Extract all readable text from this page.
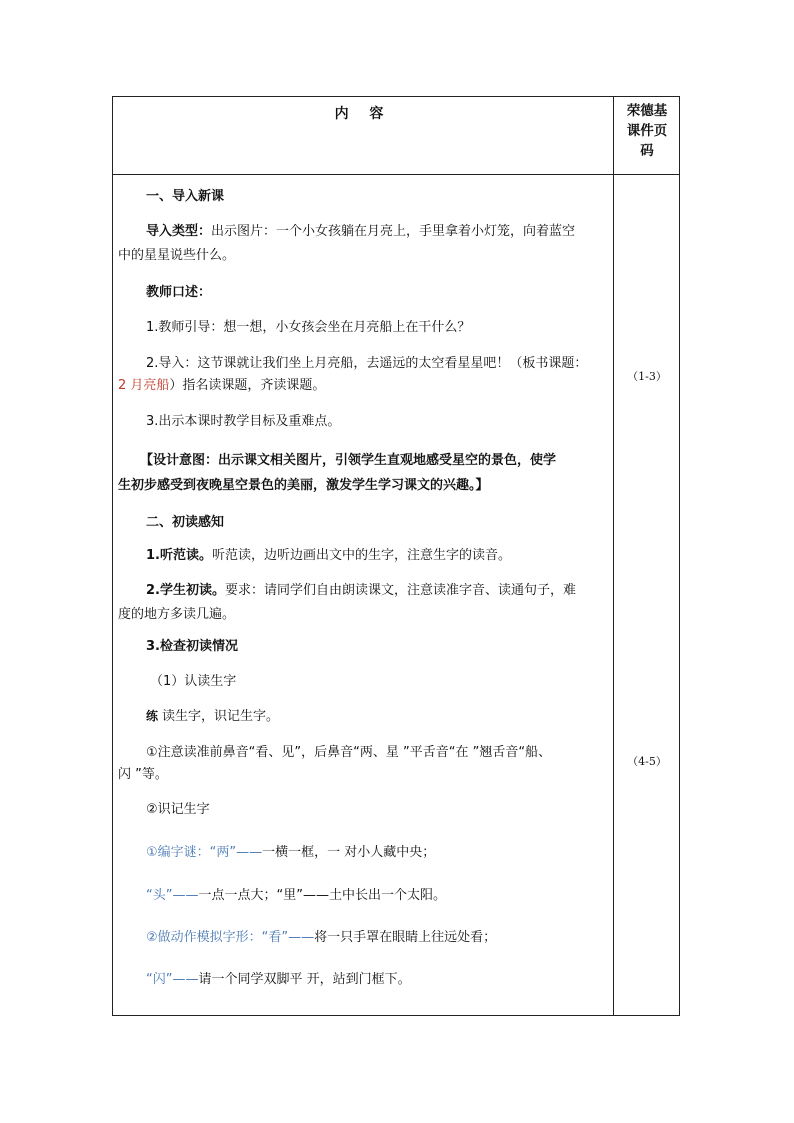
内 容	荣德基
课件页
码
（1-3）
（4-5）
一、导入新课
导入类型：出示图片：一个小女孩躺在月亮上，手里拿着小灯笼，向着蓝空
中的星星说些什么。
教师口述：
1.教师引导：想一想，小女孩会坐在月亮船上在干什么？
2.导入：这节课就让我们坐上月亮船，去遥远的太空看星星吧！（板书课题：
2 月亮船）指名读课题，齐读课题。
3.出示本课时教学目标及重难点。
【设计意图：出示课文相关图片，引领学生直观地感受星空的景色，使学
生初步感受到夜晚星空景色的美丽，激发学生学习课文的兴趣。】
二、初读感知
1.听范读。听范读，边听边画出文中的生字，注意生字的读音。
2.学生初读。要求：请同学们自由朗读课文，注意读准字音、读通句子，难
度的地方多读几遍。
3.检查初读情况
（1）认读生字
练 读生字，识记生字。
①注意读准前鼻音“看、见”，后鼻音“两、星 ”平舌音“在 ”翘舌音“船、
闪 ”等。
②识记生字
①编字谜：“两”——一横一框，一 对小人藏中央；
“头”——一点一点大；“里”——土中长出一个太阳。
②做动作模拟字形：“看”——将一只手罩在眼睛上往远处看；
“闪”——请一个同学双脚平 开，站到门框下。
